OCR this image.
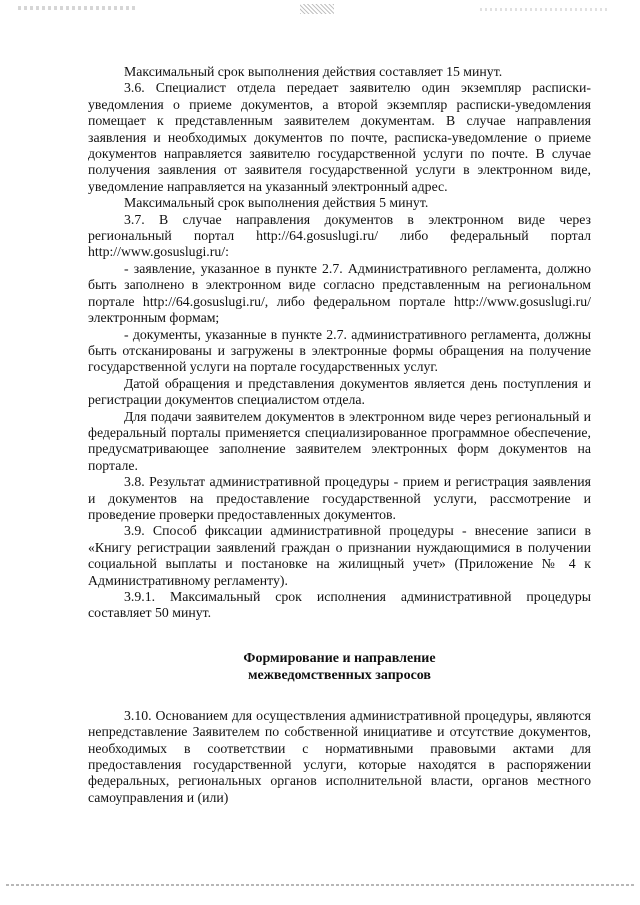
Максимальный срок выполнения действия составляет 15 минут.

3.6. Специалист отдела передает заявителю один экземпляр расписки-уведомления о приеме документов, а второй экземпляр расписки-уведомления помещает к представленным заявителем документам. В случае направления заявления и необходимых документов по почте, расписка-уведомление о приеме документов направляется заявителю государственной услуги по почте. В случае получения заявления от заявителя государственной услуги в электронном виде, уведомление направляется на указанный электронный адрес.

Максимальный срок выполнения действия 5 минут.

3.7. В случае направления документов в электронном виде через региональный портал http://64.gosuslugi.ru/ либо федеральный портал http://www.gosuslugi.ru/:

- заявление, указанное в пункте 2.7. Административного регламента, должно быть заполнено в электронном виде согласно представленным на региональном портале http://64.gosuslugi.ru/, либо федеральном портале http://www.gosuslugi.ru/ электронным формам;

- документы, указанные в пункте 2.7. административного регламента, должны быть отсканированы и загружены в электронные формы обращения на получение государственной услуги на портале государственных услуг.

Датой обращения и представления документов является день поступления и регистрации документов специалистом отдела.

Для подачи заявителем документов в электронном виде через региональный и федеральный порталы применяется специализированное программное обеспечение, предусматривающее заполнение заявителем электронных форм документов на портале.

3.8. Результат административной процедуры - прием и регистрация заявления и документов на предоставление государственной услуги, рассмотрение и проведение проверки предоставленных документов.

3.9. Способ фиксации административной процедуры - внесение записи в «Книгу регистрации заявлений граждан о признании нуждающимися в получении социальной выплаты и постановке на жилищный учет» (Приложение № 4 к Административному регламенту).

3.9.1. Максимальный срок исполнения административной процедуры составляет 50 минут.

Формирование и направление
межведомственных запросов

3.10. Основанием для осуществления административной процедуры, являются непредставление Заявителем по собственной инициативе и отсутствие документов, необходимых в соответствии с нормативными правовыми актами для предоставления государственной услуги, которые находятся в распоряжении федеральных, региональных органов исполнительной власти, органов местного самоуправления и (или)
